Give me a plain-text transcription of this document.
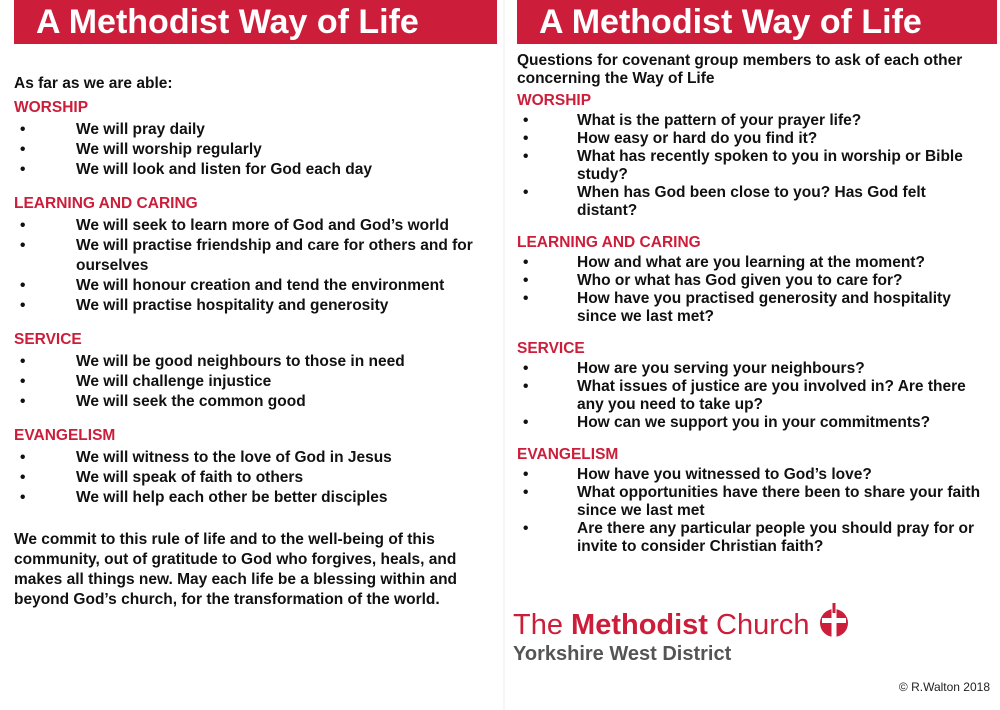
A Methodist Way of Life
As far as we are able:
WORSHIP
• We will pray daily
• We will worship regularly
• We will look and listen for God each day
LEARNING AND CARING
• We will seek to learn more of God and God’s world
• We will practise friendship and care for others and for ourselves
• We will honour creation and tend the environment
• We will practise hospitality and generosity
SERVICE
• We will be good neighbours to those in need
• We will challenge injustice
• We will seek the common good
EVANGELISM
• We will witness to the love of God in Jesus
• We will speak of faith to others
• We will help each other be better disciples
We commit to this rule of life and to the well-being of this community, out of gratitude to God who forgives, heals, and makes all things new. May each life be a blessing within and beyond God’s church, for the transformation of the world.
A Methodist Way of Life
Questions for covenant group members to ask of each other concerning the Way of Life
WORSHIP
• What is the pattern of your prayer life?
• How easy or hard do you find it?
• What has recently spoken to you in worship or Bible study?
• When has God been close to you? Has God felt distant?
LEARNING AND CARING
• How and what are you learning at the moment?
• Who or what has God given you to care for?
• How have you practised generosity and hospitality since we last met?
SERVICE
• How are you serving your neighbours?
• What issues of justice are you involved in? Are there any you need to take up?
• How can we support you in your commitments?
EVANGELISM
• How have you witnessed to God’s love?
• What opportunities have there been to share your faith since we last met
• Are there any particular people you should pray for or invite to consider Christian faith?
The Methodist Church
Yorkshire West District
© R.Walton 2018
